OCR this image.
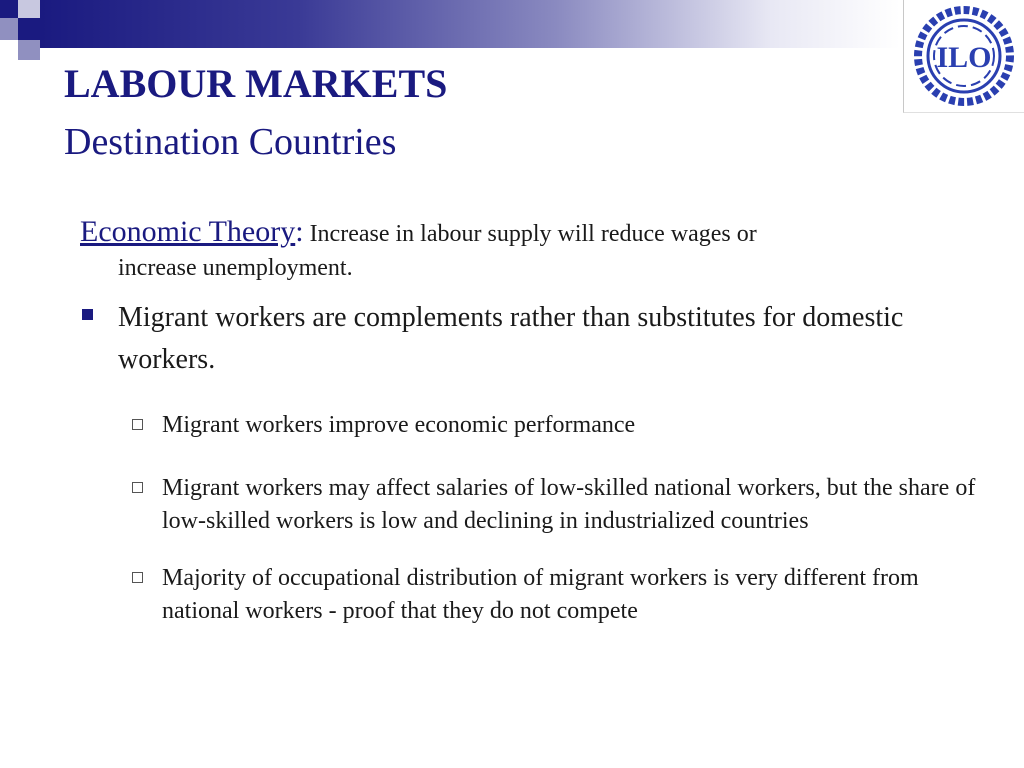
ILO
LABOUR MARKETS
Destination Countries
Economic Theory: Increase in labour supply will reduce wages or
increase unemployment.
Migrant workers are complements rather than substitutes for domestic workers.
Migrant workers improve economic performance
Migrant workers may affect salaries of low-skilled national workers, but the share of low-skilled workers is low and declining in industrialized countries
Majority of occupational distribution of migrant workers is very different from national workers - proof that they do not compete
